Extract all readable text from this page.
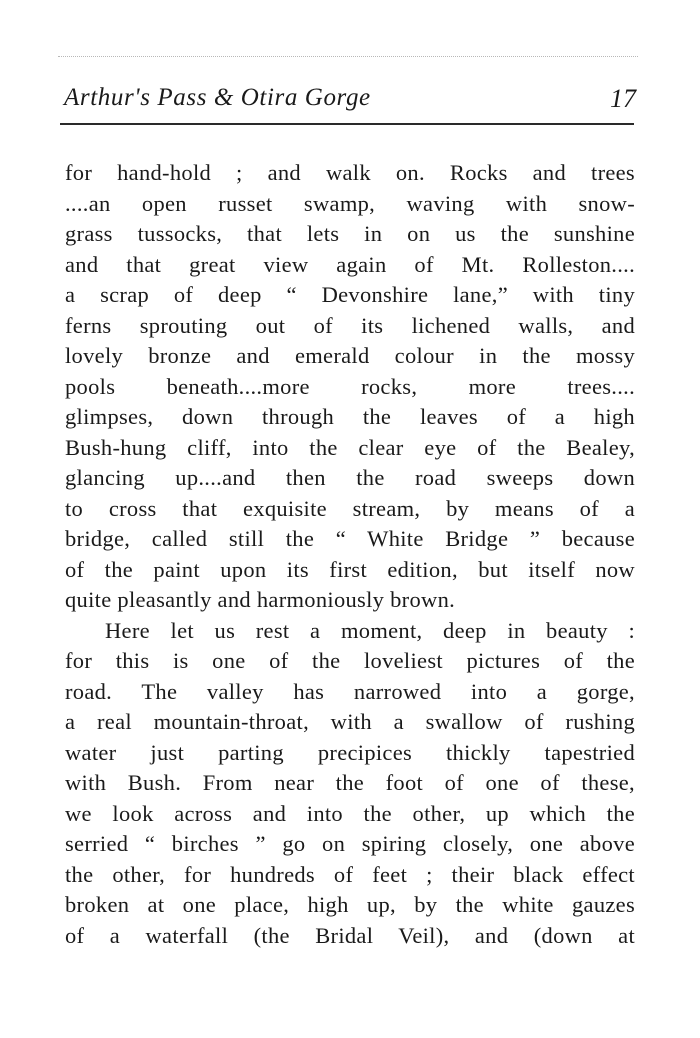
Arthur's Pass & Otira Gorge	17
for hand-hold ; and walk on. Rocks and trees
....an open russet swamp, waving with snow-
grass tussocks, that lets in on us the sunshine
and that great view again of Mt. Rolleston....
a scrap of deep “ Devonshire lane,” with tiny
ferns sprouting out of its lichened walls, and
lovely bronze and emerald colour in the mossy
pools beneath....more rocks, more trees....
glimpses, down through the leaves of a high
Bush-hung cliff, into the clear eye of the Bealey,
glancing up....and then the road sweeps down
to cross that exquisite stream, by means of a
bridge, called still the “ White Bridge ” because
of the paint upon its first edition, but itself now
quite pleasantly and harmoniously brown.
Here let us rest a moment, deep in beauty :
for this is one of the loveliest pictures of the
road. The valley has narrowed into a gorge,
a real mountain-throat, with a swallow of rushing
water just parting precipices thickly tapestried
with Bush. From near the foot of one of these,
we look across and into the other, up which the
serried “ birches ” go on spiring closely, one above
the other, for hundreds of feet ; their black effect
broken at one place, high up, by the white gauzes
of a waterfall (the Bridal Veil), and (down at
